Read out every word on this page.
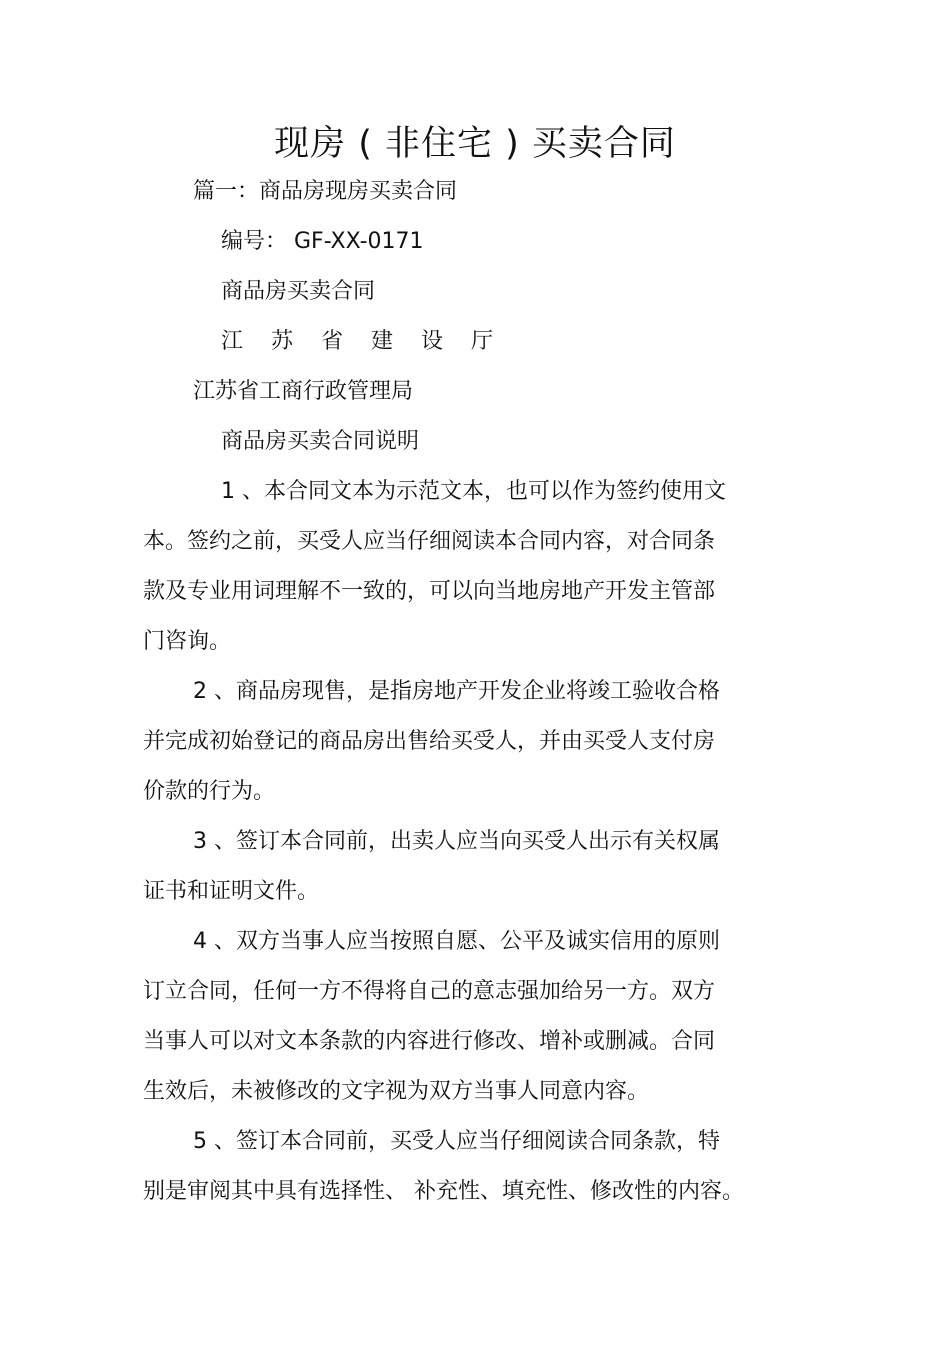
现房 ( 非住宅 ) 买卖合同
篇一：商品房现房买卖合同
编号： GF-XX-0171
商品房买卖合同
江苏省建设厅
江苏省工商行政管理局
商品房买卖合同说明
1 、本合同文本为示范文本，也可以作为签约使用文
本。签约之前，买受人应当仔细阅读本合同内容，对合同条
款及专业用词理解不一致的，可以向当地房地产开发主管部
门咨询。
2 、商品房现售，是指房地产开发企业将竣工验收合格
并完成初始登记的商品房出售给买受人，并由买受人支付房
价款的行为。
3 、签订本合同前，出卖人应当向买受人出示有关权属
证书和证明文件。
4 、双方当事人应当按照自愿、公平及诚实信用的原则
订立合同，任何一方不得将自己的意志强加给另一方。双方
当事人可以对文本条款的内容进行修改、增补或删减。合同
生效后，未被修改的文字视为双方当事人同意内容。
5 、签订本合同前，买受人应当仔细阅读合同条款，特
别是审阅其中具有选择性、 补充性、填充性、修改性的内容。
